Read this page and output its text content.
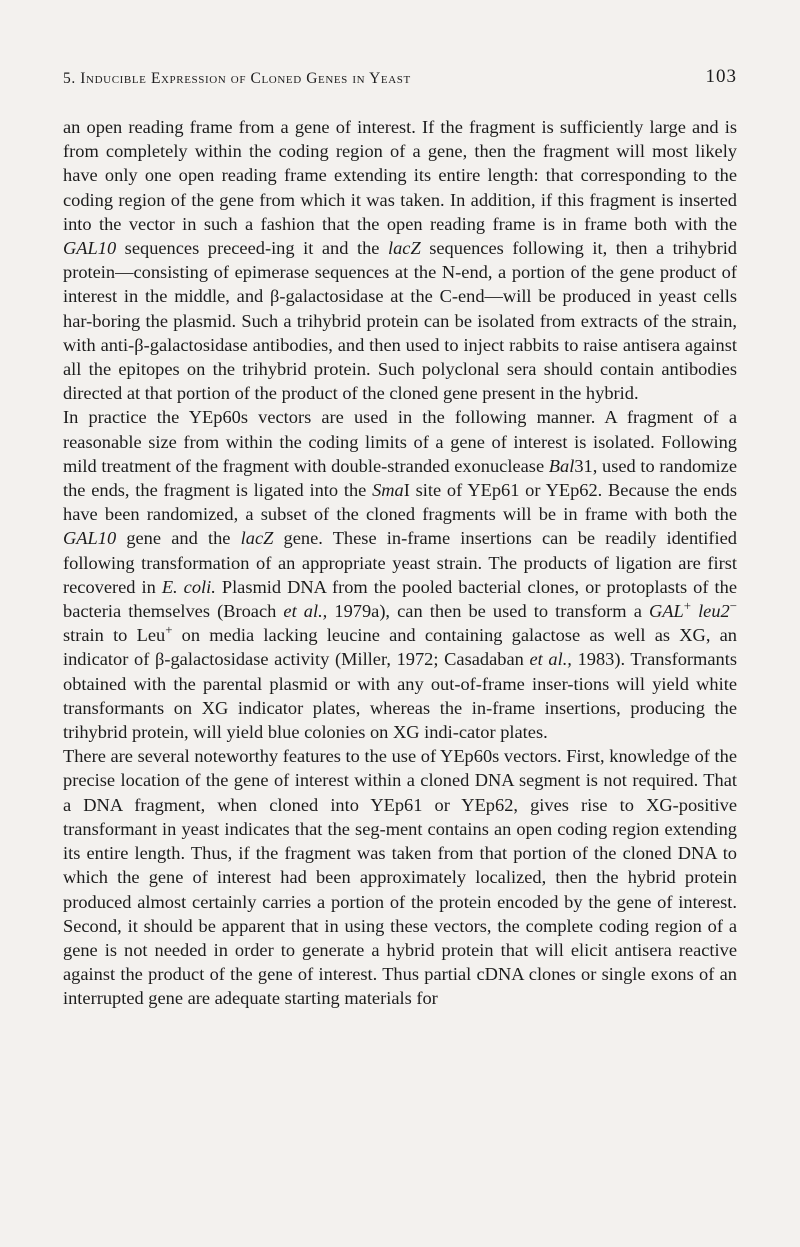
5. Inducible Expression of Cloned Genes in Yeast	103

an open reading frame from a gene of interest. If the fragment is sufficiently large and is from completely within the coding region of a gene, then the fragment will most likely have only one open reading frame extending its entire length: that corresponding to the coding region of the gene from which it was taken. In addition, if this fragment is inserted into the vector in such a fashion that the open reading frame is in frame both with the GAL10 sequences preceed-ing it and the lacZ sequences following it, then a trihybrid protein—consisting of epimerase sequences at the N-end, a portion of the gene product of interest in the middle, and β-galactosidase at the C-end—will be produced in yeast cells har-boring the plasmid. Such a trihybrid protein can be isolated from extracts of the strain, with anti-β-galactosidase antibodies, and then used to inject rabbits to raise antisera against all the epitopes on the trihybrid protein. Such polyclonal sera should contain antibodies directed at that portion of the product of the cloned gene present in the hybrid.

In practice the YEp60s vectors are used in the following manner. A fragment of a reasonable size from within the coding limits of a gene of interest is isolated. Following mild treatment of the fragment with double-stranded exonuclease Bal31, used to randomize the ends, the fragment is ligated into the SmaI site of YEp61 or YEp62. Because the ends have been randomized, a subset of the cloned fragments will be in frame with both the GAL10 gene and the lacZ gene. These in-frame insertions can be readily identified following transformation of an appropriate yeast strain. The products of ligation are first recovered in E. coli. Plasmid DNA from the pooled bacterial clones, or protoplasts of the bacteria themselves (Broach et al., 1979a), can then be used to transform a GAL+ leu2− strain to Leu+ on media lacking leucine and containing galactose as well as XG, an indicator of β-galactosidase activity (Miller, 1972; Casadaban et al., 1983). Transformants obtained with the parental plasmid or with any out-of-frame inser-tions will yield white transformants on XG indicator plates, whereas the in-frame insertions, producing the trihybrid protein, will yield blue colonies on XG indi-cator plates.

There are several noteworthy features to the use of YEp60s vectors. First, knowledge of the precise location of the gene of interest within a cloned DNA segment is not required. That a DNA fragment, when cloned into YEp61 or YEp62, gives rise to XG-positive transformant in yeast indicates that the seg-ment contains an open coding region extending its entire length. Thus, if the fragment was taken from that portion of the cloned DNA to which the gene of interest had been approximately localized, then the hybrid protein produced almost certainly carries a portion of the protein encoded by the gene of interest. Second, it should be apparent that in using these vectors, the complete coding region of a gene is not needed in order to generate a hybrid protein that will elicit antisera reactive against the product of the gene of interest. Thus partial cDNA clones or single exons of an interrupted gene are adequate starting materials for
